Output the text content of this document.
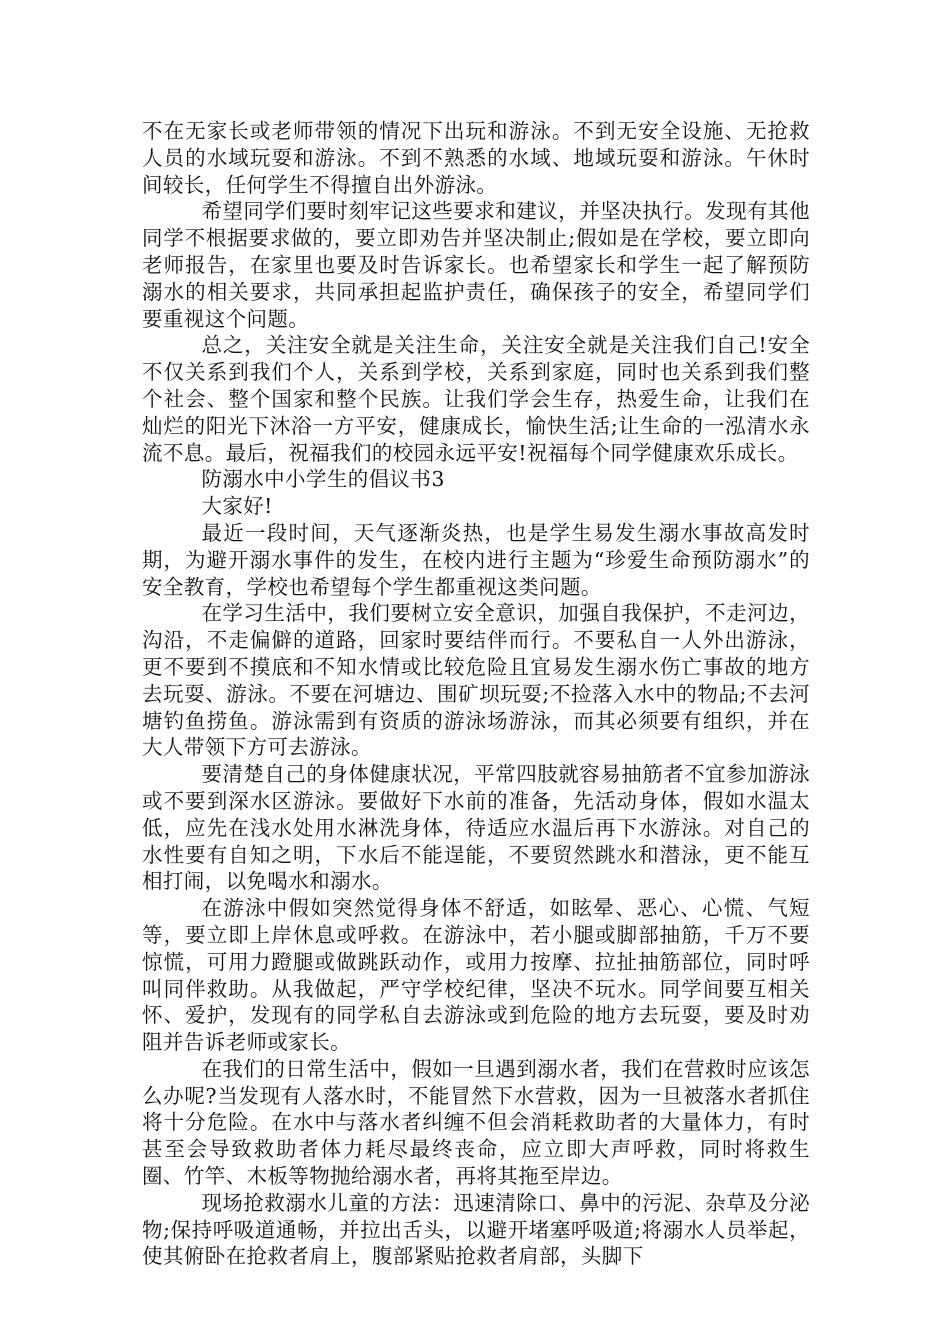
不在无家长或老师带领的情况下出玩和游泳。不到无安全设施、无抢救人员的水域玩耍和游泳。不到不熟悉的水域、地域玩耍和游泳。午休时间较长，任何学生不得擅自出外游泳。

希望同学们要时刻牢记这些要求和建议，并坚决执行。发现有其他同学不根据要求做的，要立即劝告并坚决制止;假如是在学校，要立即向老师报告，在家里也要及时告诉家长。也希望家长和学生一起了解预防溺水的相关要求，共同承担起监护责任，确保孩子的安全，希望同学们要重视这个问题。

总之，关注安全就是关注生命，关注安全就是关注我们自己!安全不仅关系到我们个人，关系到学校，关系到家庭，同时也关系到我们整个社会、整个国家和整个民族。让我们学会生存，热爱生命，让我们在灿烂的阳光下沐浴一方平安，健康成长，愉快生活;让生命的一泓清水永流不息。最后，祝福我们的校园永远平安!祝福每个同学健康欢乐成长。

防溺水中小学生的倡议书3

大家好!

最近一段时间，天气逐渐炎热，也是学生易发生溺水事故高发时期，为避开溺水事件的发生，在校内进行主题为“珍爱生命预防溺水”的安全教育，学校也希望每个学生都重视这类问题。

在学习生活中，我们要树立安全意识，加强自我保护，不走河边，沟沿，不走偏僻的道路，回家时要结伴而行。不要私自一人外出游泳，更不要到不摸底和不知水情或比较危险且宜易发生溺水伤亡事故的地方去玩耍、游泳。不要在河塘边、围矿坝玩耍;不捡落入水中的物品;不去河塘钓鱼捞鱼。游泳需到有资质的游泳场游泳，而其必须要有组织，并在大人带领下方可去游泳。

要清楚自己的身体健康状况，平常四肢就容易抽筋者不宜参加游泳或不要到深水区游泳。要做好下水前的准备，先活动身体，假如水温太低，应先在浅水处用水淋洗身体，待适应水温后再下水游泳。对自己的水性要有自知之明，下水后不能逞能，不要贸然跳水和潜泳，更不能互相打闹，以免喝水和溺水。

在游泳中假如突然觉得身体不舒适，如眩晕、恶心、心慌、气短等，要立即上岸休息或呼救。在游泳中，若小腿或脚部抽筋，千万不要惊慌，可用力蹬腿或做跳跃动作，或用力按摩、拉扯抽筋部位，同时呼叫同伴救助。从我做起，严守学校纪律，坚决不玩水。同学间要互相关怀、爱护，发现有的同学私自去游泳或到危险的地方去玩耍，要及时劝阻并告诉老师或家长。

在我们的日常生活中，假如一旦遇到溺水者，我们在营救时应该怎么办呢?当发现有人落水时，不能冒然下水营救，因为一旦被落水者抓住将十分危险。在水中与落水者纠缠不但会消耗救助者的大量体力，有时甚至会导致救助者体力耗尽最终丧命，应立即大声呼救，同时将救生圈、竹竿、木板等物抛给溺水者，再将其拖至岸边。

现场抢救溺水儿童的方法：迅速清除口、鼻中的污泥、杂草及分泌物;保持呼吸道通畅，并拉出舌头，以避开堵塞呼吸道;将溺水人员举起，使其俯卧在抢救者肩上，腹部紧贴抢救者肩部，头脚下
